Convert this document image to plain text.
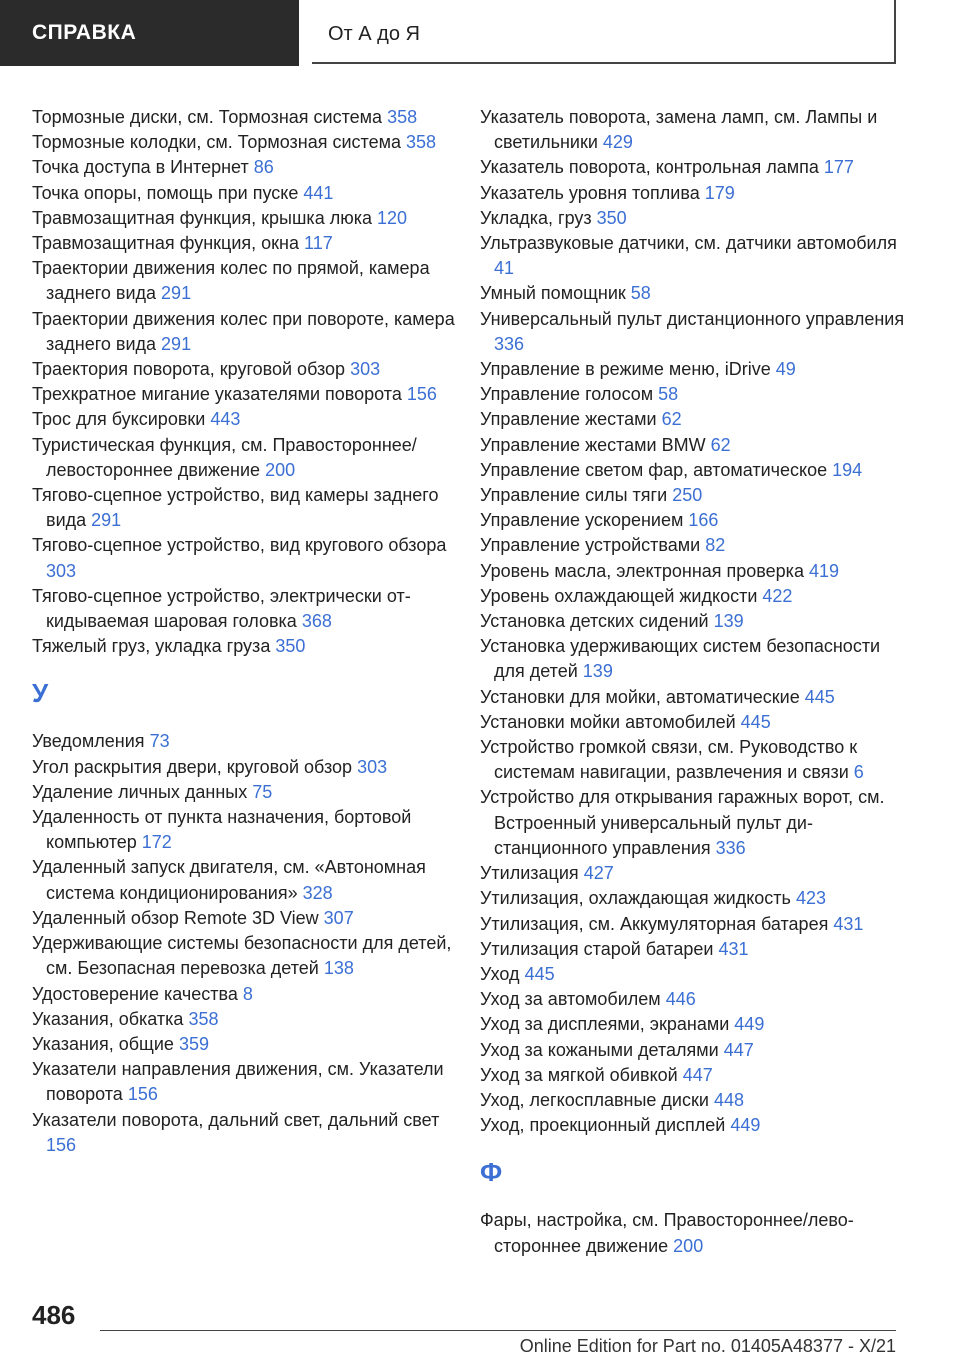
СПРАВКА	От А до Я
Тормозные диски, см. Тормозная система 358
Тормозные колодки, см. Тормозная система 358
Точка доступа в Интернет 86
Точка опоры, помощь при пуске 441
Травмозащитная функция, крышка люка 120
Травмозащитная функция, окна 117
Траектории движения колес по прямой, камера заднего вида 291
Траектории движения колес при повороте, камера заднего вида 291
Траектория поворота, круговой обзор 303
Трехкратное мигание указателями поворота 156
Трос для буксировки 443
Туристическая функция, см. Правостороннее/левостороннее движение 200
Тягово-сцепное устройство, вид камеры заднего вида 291
Тягово-сцепное устройство, вид кругового обзора 303
Тягово-сцепное устройство, электрически откидываемая шаровая головка 368
Тяжелый груз, укладка груза 350
У
Уведомления 73
Угол раскрытия двери, круговой обзор 303
Удаление личных данных 75
Удаленность от пункта назначения, бортовой компьютер 172
Удаленный запуск двигателя, см. «Автономная система кондиционирования» 328
Удаленный обзор Remote 3D View 307
Удерживающие системы безопасности для детей, см. Безопасная перевозка детей 138
Удостоверение качества 8
Указания, обкатка 358
Указания, общие 359
Указатели направления движения, см. Указатели поворота 156
Указатели поворота, дальний свет, дальний свет 156
Указатель поворота, замена ламп, см. Лампы и светильники 429
Указатель поворота, контрольная лампа 177
Указатель уровня топлива 179
Укладка, груз 350
Ультразвуковые датчики, см. датчики автомобиля 41
Умный помощник 58
Универсальный пульт дистанционного управления 336
Управление в режиме меню, iDrive 49
Управление голосом 58
Управление жестами 62
Управление жестами BMW 62
Управление светом фар, автоматическое 194
Управление силы тяги 250
Управление ускорением 166
Управление устройствами 82
Уровень масла, электронная проверка 419
Уровень охлаждающей жидкости 422
Установка детских сидений 139
Установка удерживающих систем безопасности для детей 139
Установки для мойки, автоматические 445
Установки мойки автомобилей 445
Устройство громкой связи, см. Руководство к системам навигации, развлечения и связи 6
Устройство для открывания гаражных ворот, см. Встроенный универсальный пульт дистанционного управления 336
Утилизация 427
Утилизация, охлаждающая жидкость 423
Утилизация, см. Аккумуляторная батарея 431
Утилизация старой батареи 431
Уход 445
Уход за автомобилем 446
Уход за дисплеями, экранами 449
Уход за кожаными деталями 447
Уход за мягкой обивкой 447
Уход, легкосплавные диски 448
Уход, проекционный дисплей 449
Ф
Фары, настройка, см. Правостороннее/левостороннее движение 200
486
Online Edition for Part no. 01405A48377 - X/21
